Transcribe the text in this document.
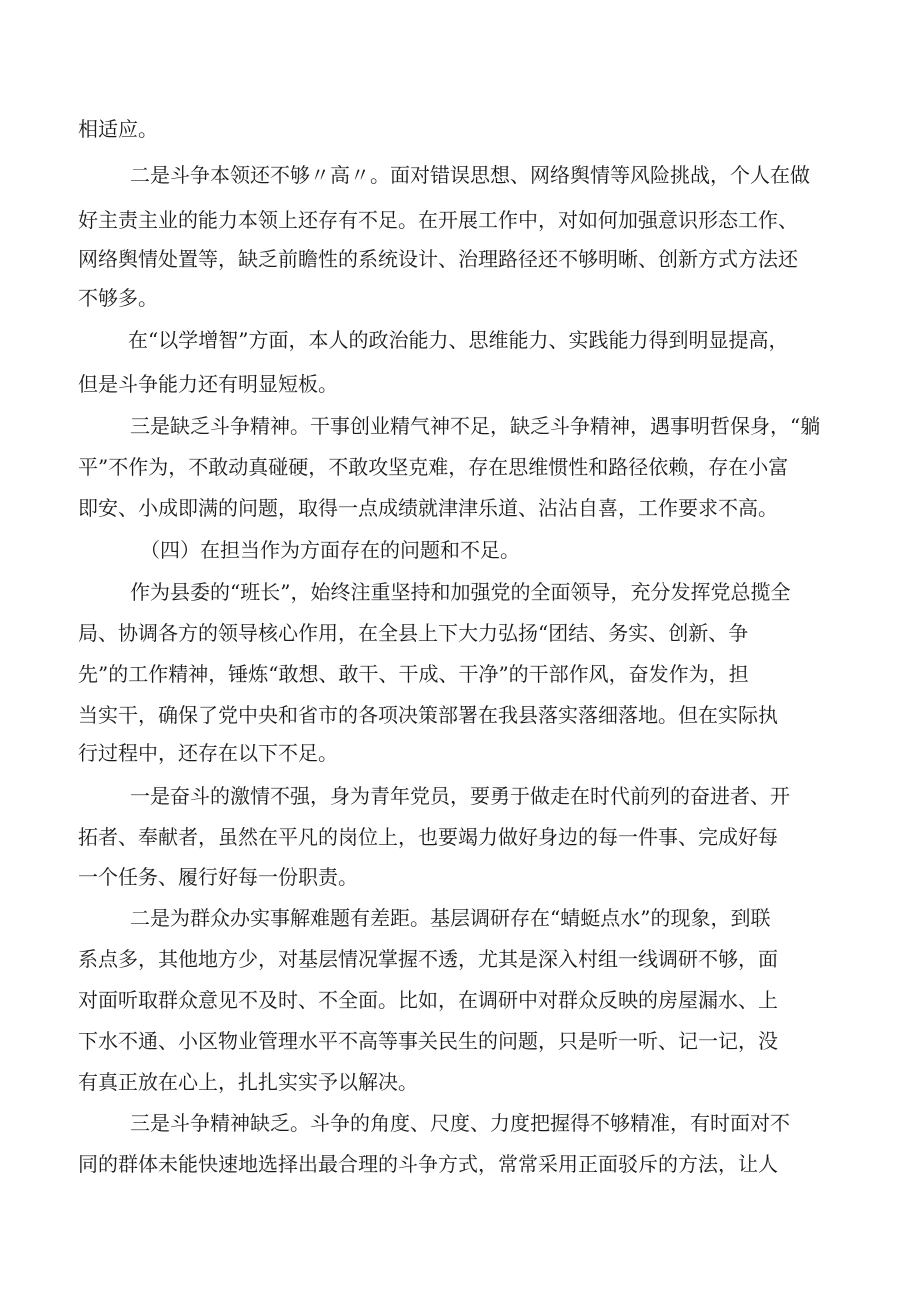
相适应。
二是斗争本领还不够〃高〃。面对错误思想、网络舆情等风险挑战，个人在做
好主责主业的能力本领上还存有不足。在开展工作中，对如何加强意识形态工作、
网络舆情处置等，缺乏前瞻性的系统设计、治理路径还不够明晰、创新方式方法还
不够多。
在“以学增智”方面，本人的政治能力、思维能力、实践能力得到明显提高，
但是斗争能力还有明显短板。
三是缺乏斗争精神。干事创业精气神不足，缺乏斗争精神，遇事明哲保身，“躺
平”不作为，不敢动真碰硬，不敢攻坚克难，存在思维惯性和路径依赖，存在小富
即安、小成即满的问题，取得一点成绩就津津乐道、沾沾自喜，工作要求不高。
（四）在担当作为方面存在的问题和不足。
作为县委的“班长”，始终注重坚持和加强党的全面领导，充分发挥党总揽全
局、协调各方的领导核心作用，在全县上下大力弘扬“团结、务实、创新、争
先”的工作精神，锤炼“敢想、敢干、干成、干净”的干部作风，奋发作为，担
当实干，确保了党中央和省市的各项决策部署在我县落实落细落地。但在实际执
行过程中，还存在以下不足。
一是奋斗的激情不强，身为青年党员，要勇于做走在时代前列的奋进者、开
拓者、奉献者，虽然在平凡的岗位上，也要竭力做好身边的每一件事、完成好每
一个任务、履行好每一份职责。
二是为群众办实事解难题有差距。基层调研存在“蜻蜓点水”的现象，到联
系点多，其他地方少，对基层情况掌握不透，尤其是深入村组一线调研不够，面
对面听取群众意见不及时、不全面。比如，在调研中对群众反映的房屋漏水、上
下水不通、小区物业管理水平不高等事关民生的问题，只是听一听、记一记，没
有真正放在心上，扎扎实实予以解决。
三是斗争精神缺乏。斗争的角度、尺度、力度把握得不够精准，有时面对不
同的群体未能快速地选择出最合理的斗争方式，常常采用正面驳斥的方法，让人
